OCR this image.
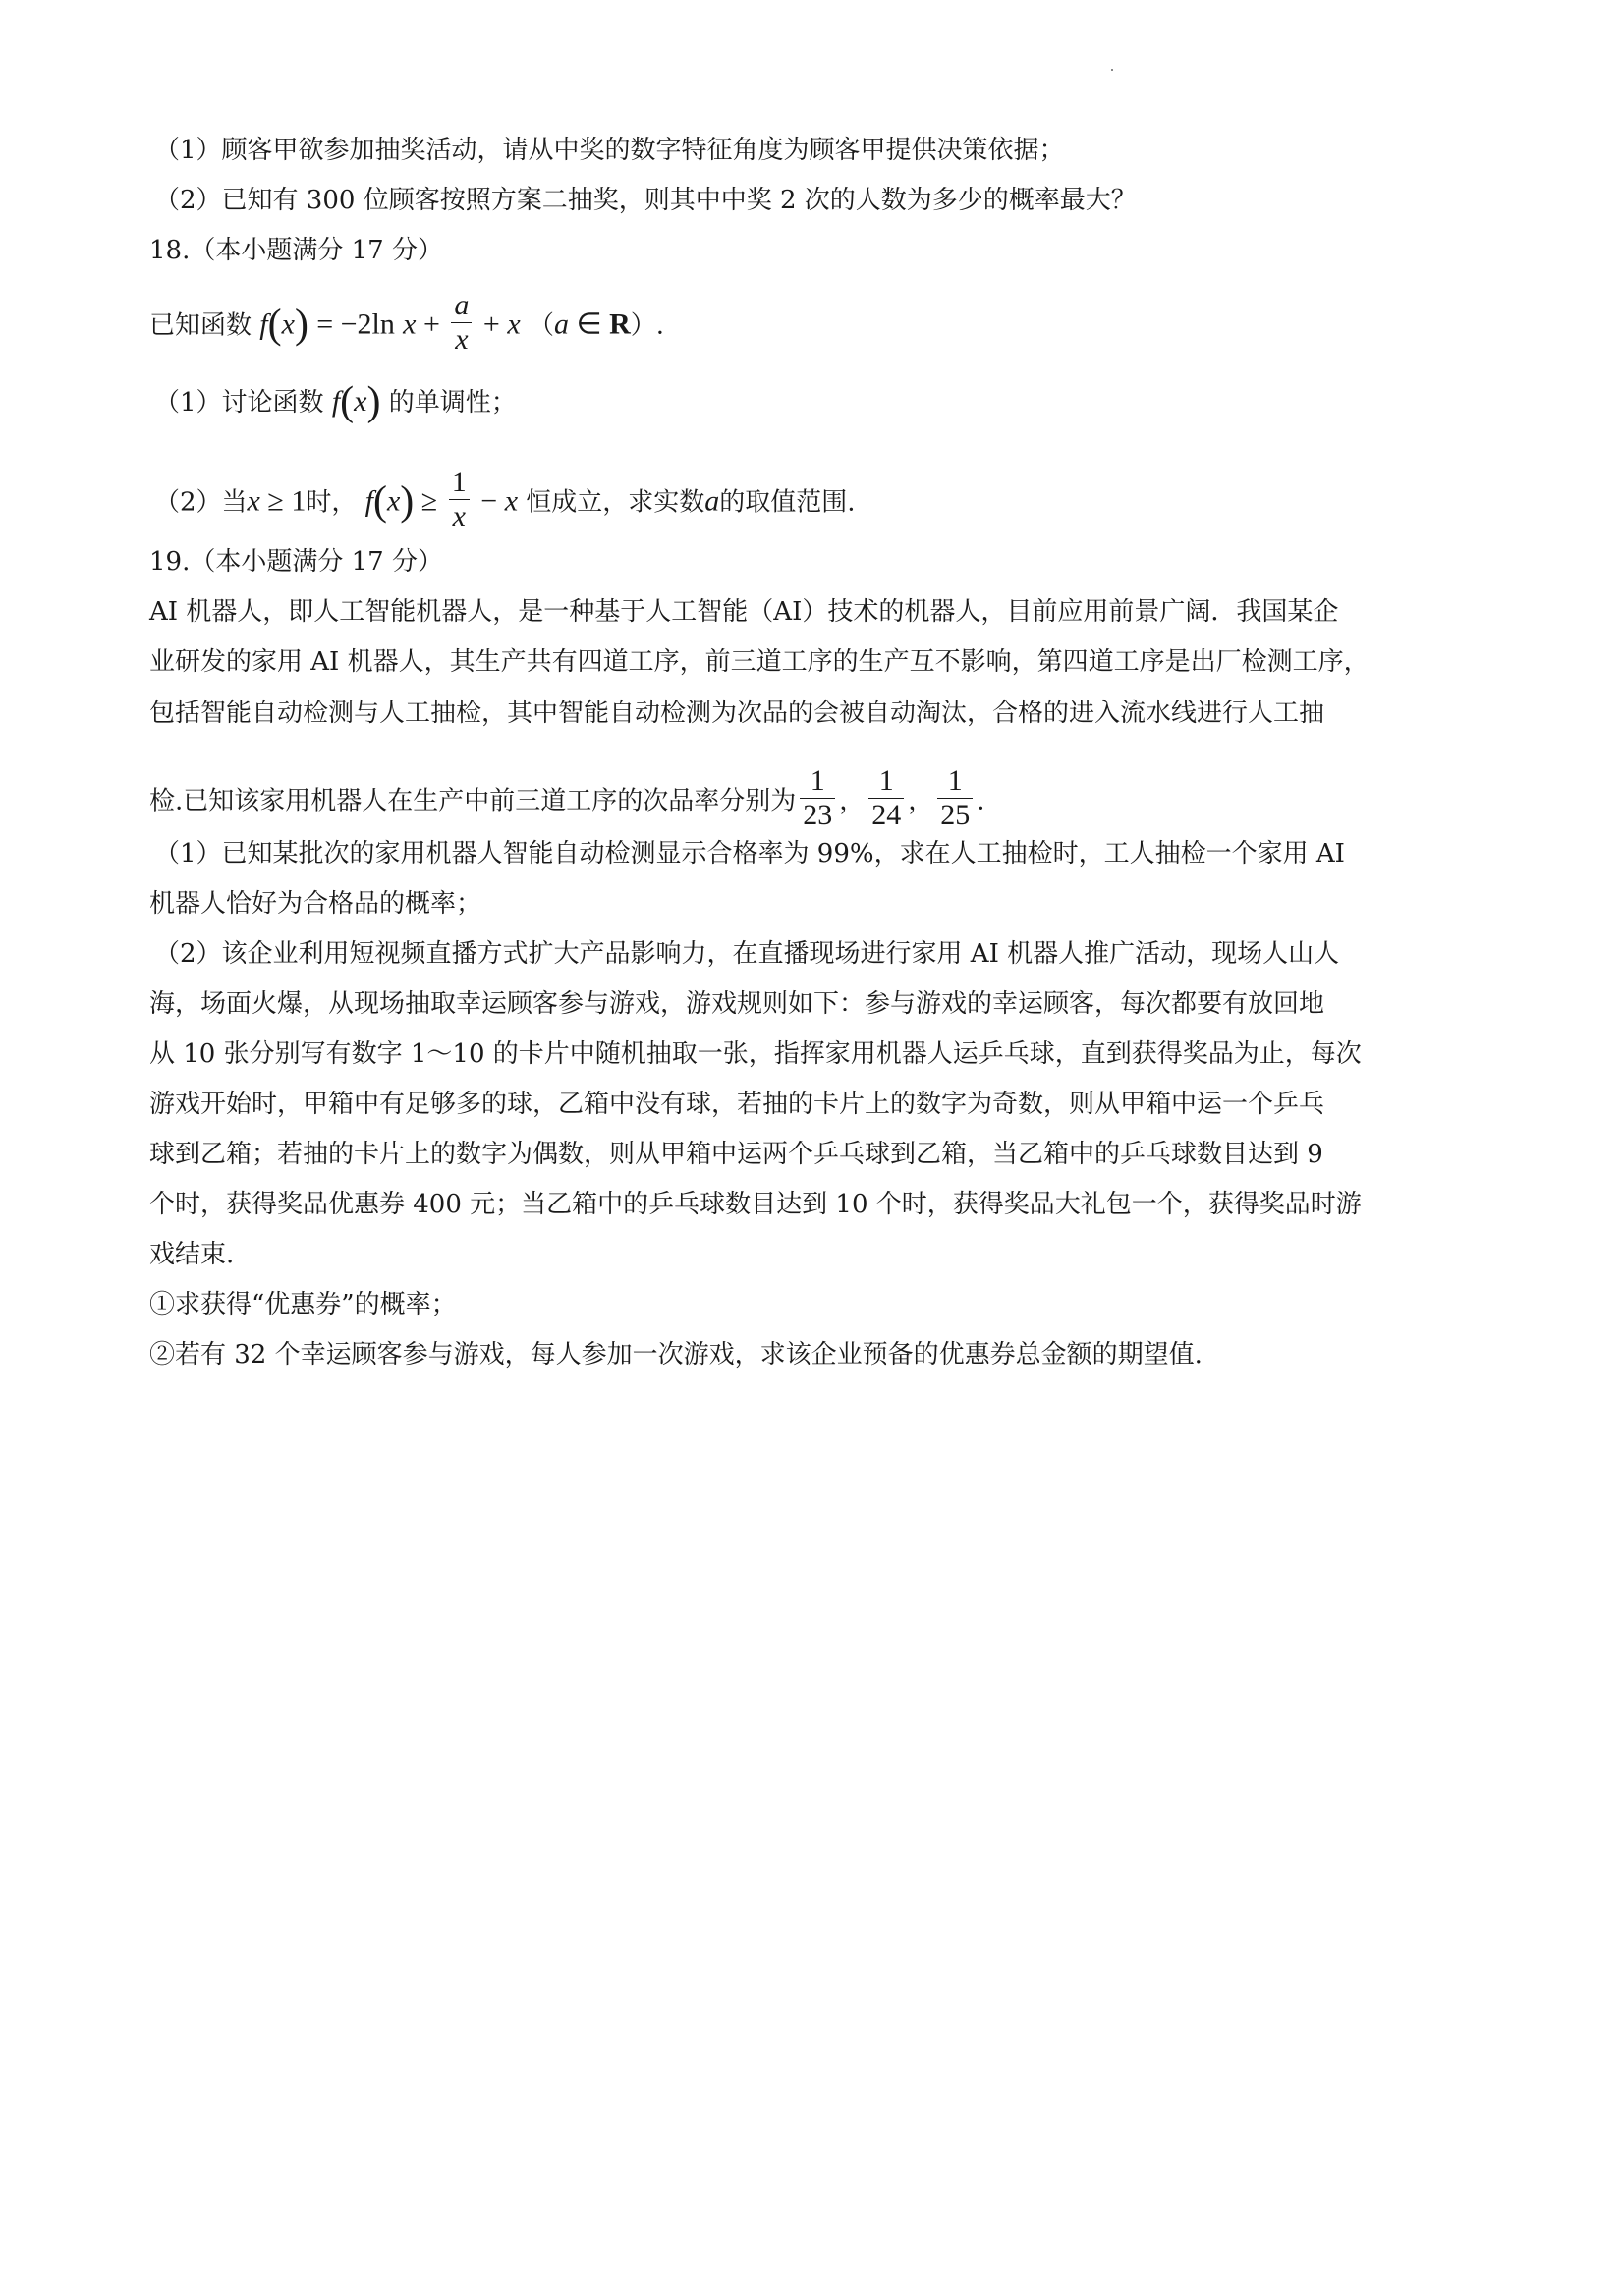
（1）顾客甲欲参加抽奖活动，请从中奖的数字特征角度为顾客甲提供决策依据；
（2）已知有 300 位顾客按照方案二抽奖，则其中中奖 2 次的人数为多少的概率最大？
18.（本小题满分 17 分）
已知函数 f(x) = −2ln $x + \frac{a}{x} + x$ （a ∈ R）.
（1）讨论函数 f(x) 的单调性；
（2）当x ≥ 1时， $f(x) \ge \frac{1}{x} - x$ 恒成立，求实数a的取值范围.
19.（本小题满分 17 分）
AI 机器人，即人工智能机器人，是一种基于人工智能（AI）技术的机器人，目前应用前景广阔．我国某企
业研发的家用 AI 机器人，其生产共有四道工序，前三道工序的生产互不影响，第四道工序是出厂检测工序，
包括智能自动检测与人工抽检，其中智能自动检测为次品的会被自动淘汰，合格的进入流水线进行人工抽
检.已知该家用机器人在生产中前三道工序的次品率分别为 $\frac{1}{23}$ ， $\frac{1}{24}$ ， $\frac{1}{25}$ .
（1）已知某批次的家用机器人智能自动检测显示合格率为 99%，求在人工抽检时，工人抽检一个家用 AI
机器人恰好为合格品的概率；
（2）该企业利用短视频直播方式扩大产品影响力，在直播现场进行家用 AI 机器人推广活动，现场人山人
海，场面火爆，从现场抽取幸运顾客参与游戏，游戏规则如下：参与游戏的幸运顾客，每次都要有放回地
从 10 张分别写有数字 1～10 的卡片中随机抽取一张，指挥家用机器人运乒乓球，直到获得奖品为止，每次
游戏开始时，甲箱中有足够多的球，乙箱中没有球，若抽的卡片上的数字为奇数，则从甲箱中运一个乒乓
球到乙箱；若抽的卡片上的数字为偶数，则从甲箱中运两个乒乓球到乙箱，当乙箱中的乒乓球数目达到 9
个时，获得奖品优惠券 400 元；当乙箱中的乒乓球数目达到 10 个时，获得奖品大礼包一个，获得奖品时游
戏结束.
①求获得“优惠券”的概率；
②若有 32 个幸运顾客参与游戏，每人参加一次游戏，求该企业预备的优惠券总金额的期望值.
